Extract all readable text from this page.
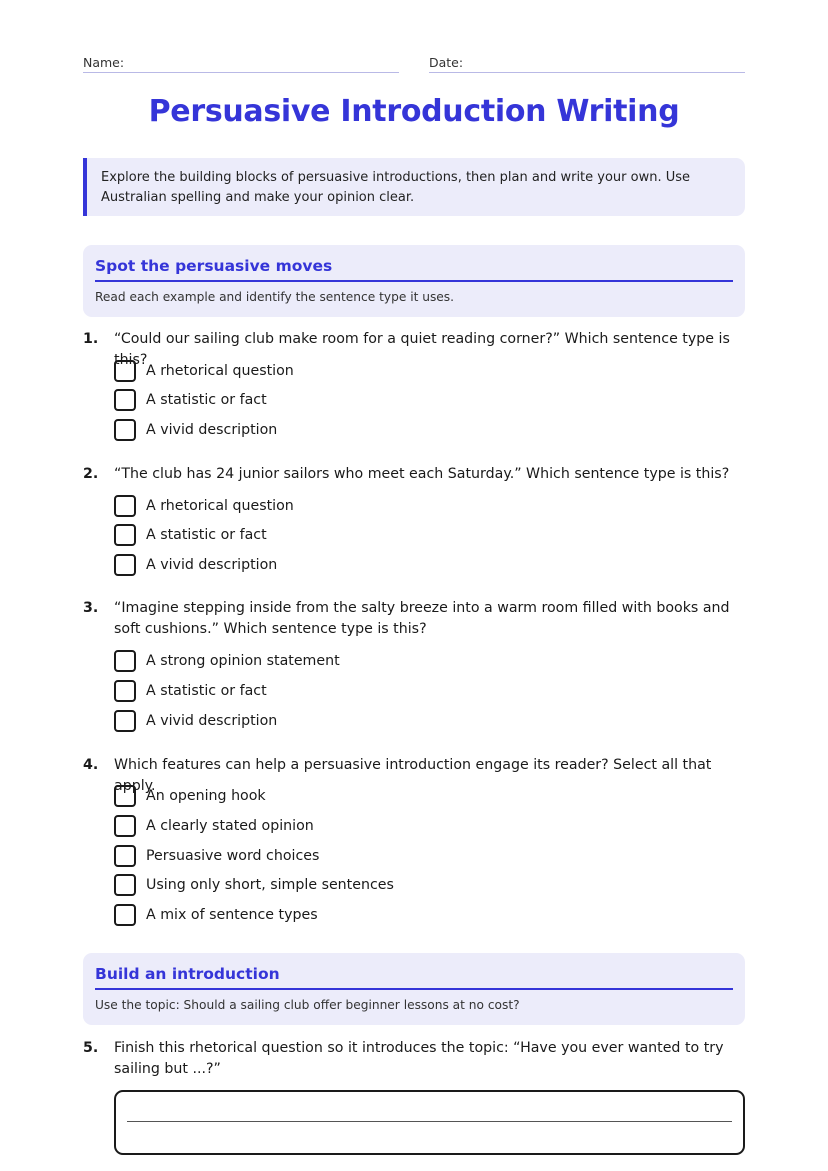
Name:	Date:
Persuasive Introduction Writing
Explore the building blocks of persuasive introductions, then plan and write your own. Use Australian spelling and make your opinion clear.
Spot the persuasive moves
Read each example and identify the sentence type it uses.
1.	“Could our sailing club make room for a quiet reading corner?” Which sentence type is this?
A rhetorical question
A statistic or fact
A vivid description
2.	“The club has 24 junior sailors who meet each Saturday.” Which sentence type is this?
A rhetorical question
A statistic or fact
A vivid description
3.	“Imagine stepping inside from the salty breeze into a warm room filled with books and soft cushions.” Which sentence type is this?
A strong opinion statement
A statistic or fact
A vivid description
4.	Which features can help a persuasive introduction engage its reader? Select all that apply.
An opening hook
A clearly stated opinion
Persuasive word choices
Using only short, simple sentences
A mix of sentence types
Build an introduction
Use the topic: Should a sailing club offer beginner lessons at no cost?
5.	Finish this rhetorical question so it introduces the topic: “Have you ever wanted to try sailing but ...?”
